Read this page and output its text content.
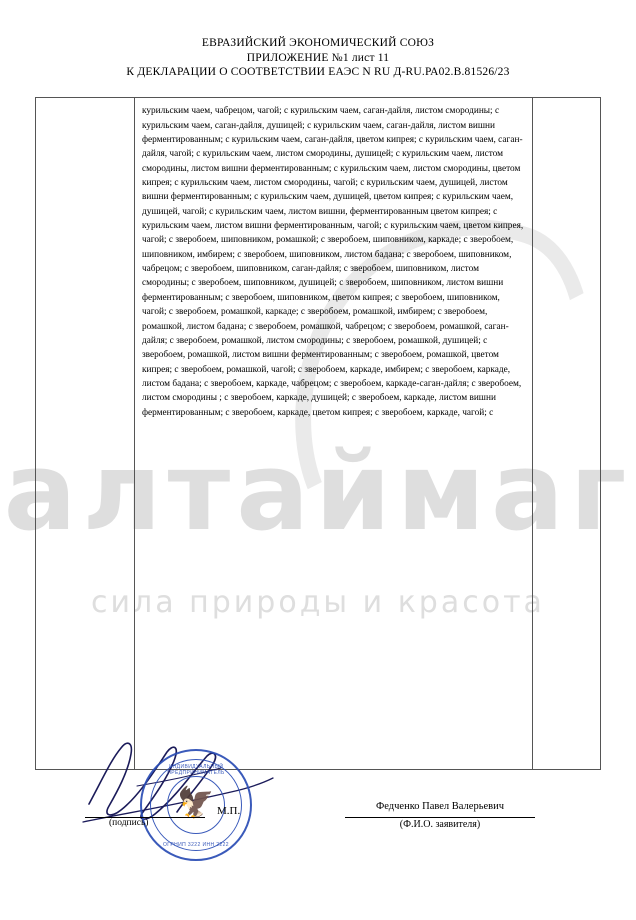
алтаймаг
сила природы и красота
ЕВРАЗИЙСКИЙ ЭКОНОМИЧЕСКИЙ СОЮЗ
ПРИЛОЖЕНИЕ №1 лист 11
К ДЕКЛАРАЦИИ О СООТВЕТСТВИИ ЕАЭС N RU Д-RU.РА02.В.81526/23
курильским чаем, чабрецом, чагой; с курильским чаем, саган-дайля, листом смородины; с курильским чаем, саган-дайля, душицей; с курильским чаем, саган-дайля, листом вишни ферментированным; с курильским чаем, саган-дайля, цветом кипрея; с курильским чаем, саган-дайля, чагой; с курильским чаем, листом смородины, душицей; с курильским чаем, листом смородины, листом вишни ферментированным; с курильским чаем, листом смородины, цветом кипрея; с курильским чаем, листом смородины, чагой; с курильским чаем, душицей, листом вишни ферментированным; с курильским чаем, душицей, цветом кипрея; с курильским чаем, душицей, чагой; с курильским чаем, листом вишни, ферментированным цветом кипрея; с курильским чаем, листом вишни ферментированным, чагой; с курильским чаем, цветом кипрея, чагой; с зверобоем, шиповником, ромашкой; с зверобоем, шиповником, каркаде; с зверобоем, шиповником, имбирем; с зверобоем, шиповником, листом бадана; с зверобоем, шиповником, чабрецом; с зверобоем, шиповником, саган-дайля; с зверобоем, шиповником, листом смородины; с зверобоем, шиповником, душицей; с зверобоем, шиповником, листом вишни ферментированным; с зверобоем, шиповником, цветом кипрея; с зверобоем, шиповником, чагой; с зверобоем, ромашкой, каркаде; с зверобоем, ромашкой, имбирем; с зверобоем, ромашкой, листом бадана; с зверобоем, ромашкой, чабрецом; с зверобоем, ромашкой, саган-дайля; с зверобоем, ромашкой, листом смородины; с зверобоем, ромашкой, душицей; с зверобоем, ромашкой, листом вишни ферментированным; с зверобоем, ромашкой, цветом кипрея; с зверобоем, ромашкой, чагой; с зверобоем, каркаде, имбирем; с зверобоем, каркаде, листом бадана; с зверобоем, каркаде, чабрецом; с зверобоем, каркаде-саган-дайля; с зверобоем, листом смородины ; с зверобоем, каркаде, душицей; с зверобоем, каркаде, листом вишни ферментированным; с зверобоем, каркаде, цветом кипрея; с зверобоем, каркаде, чагой; с
ИНДИВИДУАЛЬНЫЙ ПРЕДПРИНИМАТЕЛЬ
🦅
ОГРНИП 3222 ИНН 2222
(подпись)
М.П.	Федченко Павел Валерьевич
(Ф.И.О. заявителя)
